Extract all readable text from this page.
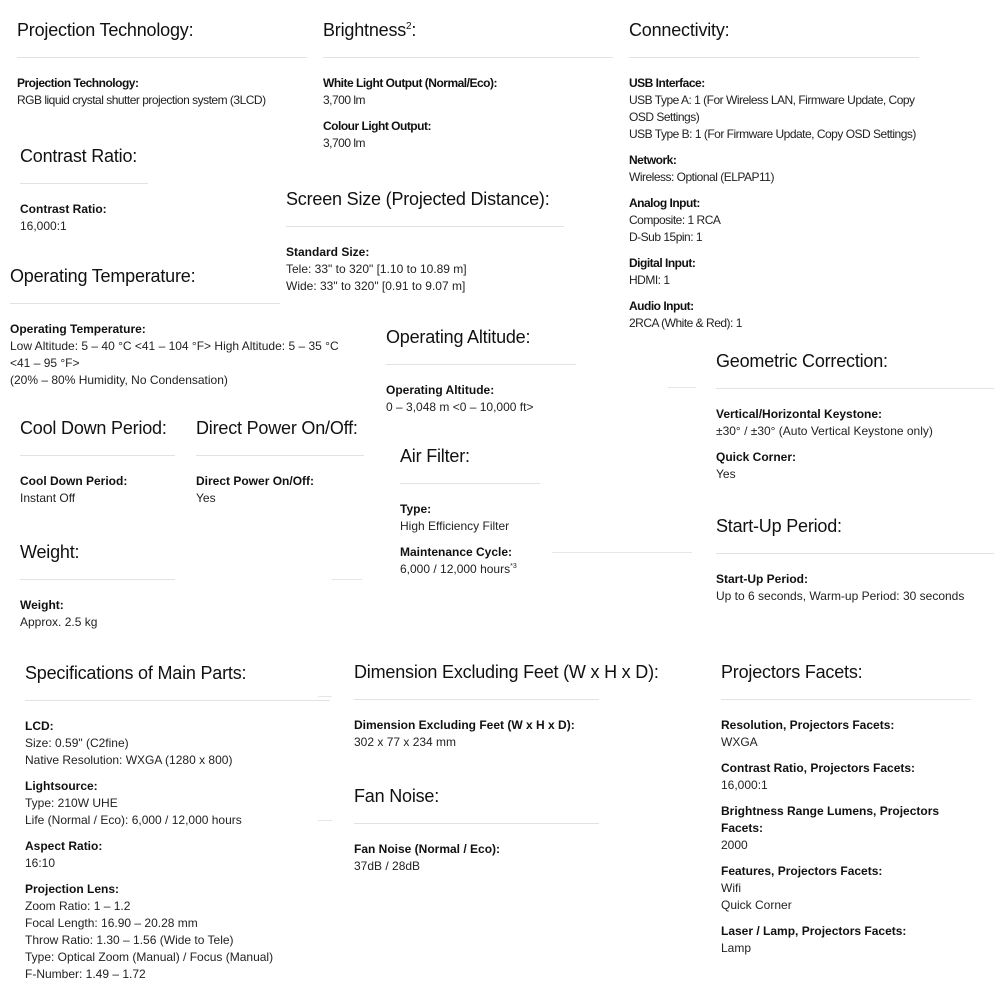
Projection Technology:
Projection Technology:
RGB liquid crystal shutter projection system (3LCD)
Brightness$^2$:
White Light Output (Normal/Eco):
3,700 lm
Colour Light Output:
3,700 lm
Connectivity:
USB Interface:
USB Type A: 1 (For Wireless LAN, Firmware Update, Copy OSD Settings)
USB Type B: 1 (For Firmware Update, Copy OSD Settings)
Network:
Wireless: Optional (ELPAP11)
Analog Input:
Composite: 1 RCA
D-Sub 15pin: 1
Digital Input:
HDMI: 1
Audio Input:
2RCA (White & Red): 1
Contrast Ratio:
Contrast Ratio:
16,000:1
Screen Size (Projected Distance):
Standard Size:
Tele: 33" to 320" [1.10 to 10.89 m]
Wide: 33" to 320" [0.91 to 9.07 m]
Operating Temperature:
Operating Temperature:
Low Altitude: 5 – 40 °C <41 – 104 °F> High Altitude: 5 – 35 °C
<41 – 95 °F>
(20% – 80% Humidity, No Condensation)
Operating Altitude:
Operating Altitude:
0 – 3,048 m <0 – 10,000 ft>
Geometric Correction:
Vertical/Horizontal Keystone:
±30° / ±30° (Auto Vertical Keystone only)
Quick Corner:
Yes
Cool Down Period:
Cool Down Period:
Instant Off
Direct Power On/Off:
Direct Power On/Off:
Yes
Air Filter:
Type:
High Efficiency Filter
Maintenance Cycle:
6,000 / 12,000 hours$^{*3}$
Weight:
Weight:
Approx. 2.5 kg
Start-Up Period:
Start-Up Period:
Up to 6 seconds, Warm-up Period: 30 seconds
Specifications of Main Parts:
LCD:
Size: 0.59" (C2fine)
Native Resolution: WXGA (1280 x 800)
Lightsource:
Type: 210W UHE
Life (Normal / Eco): 6,000 / 12,000 hours
Aspect Ratio:
16:10
Projection Lens:
Zoom Ratio: 1 – 1.2
Focal Length: 16.90 – 20.28 mm
Throw Ratio: 1.30 – 1.56 (Wide to Tele)
Type: Optical Zoom (Manual) / Focus (Manual)
F-Number: 1.49 – 1.72
Dimension Excluding Feet (W x H x D):
Dimension Excluding Feet (W x H x D):
302 x 77 x 234 mm
Fan Noise:
Fan Noise (Normal / Eco):
37dB / 28dB
Projectors Facets:
Resolution, Projectors Facets:
WXGA
Contrast Ratio, Projectors Facets:
16,000:1
Brightness Range Lumens, Projectors Facets:
2000
Features, Projectors Facets:
Wifi
Quick Corner
Laser / Lamp, Projectors Facets:
Lamp
